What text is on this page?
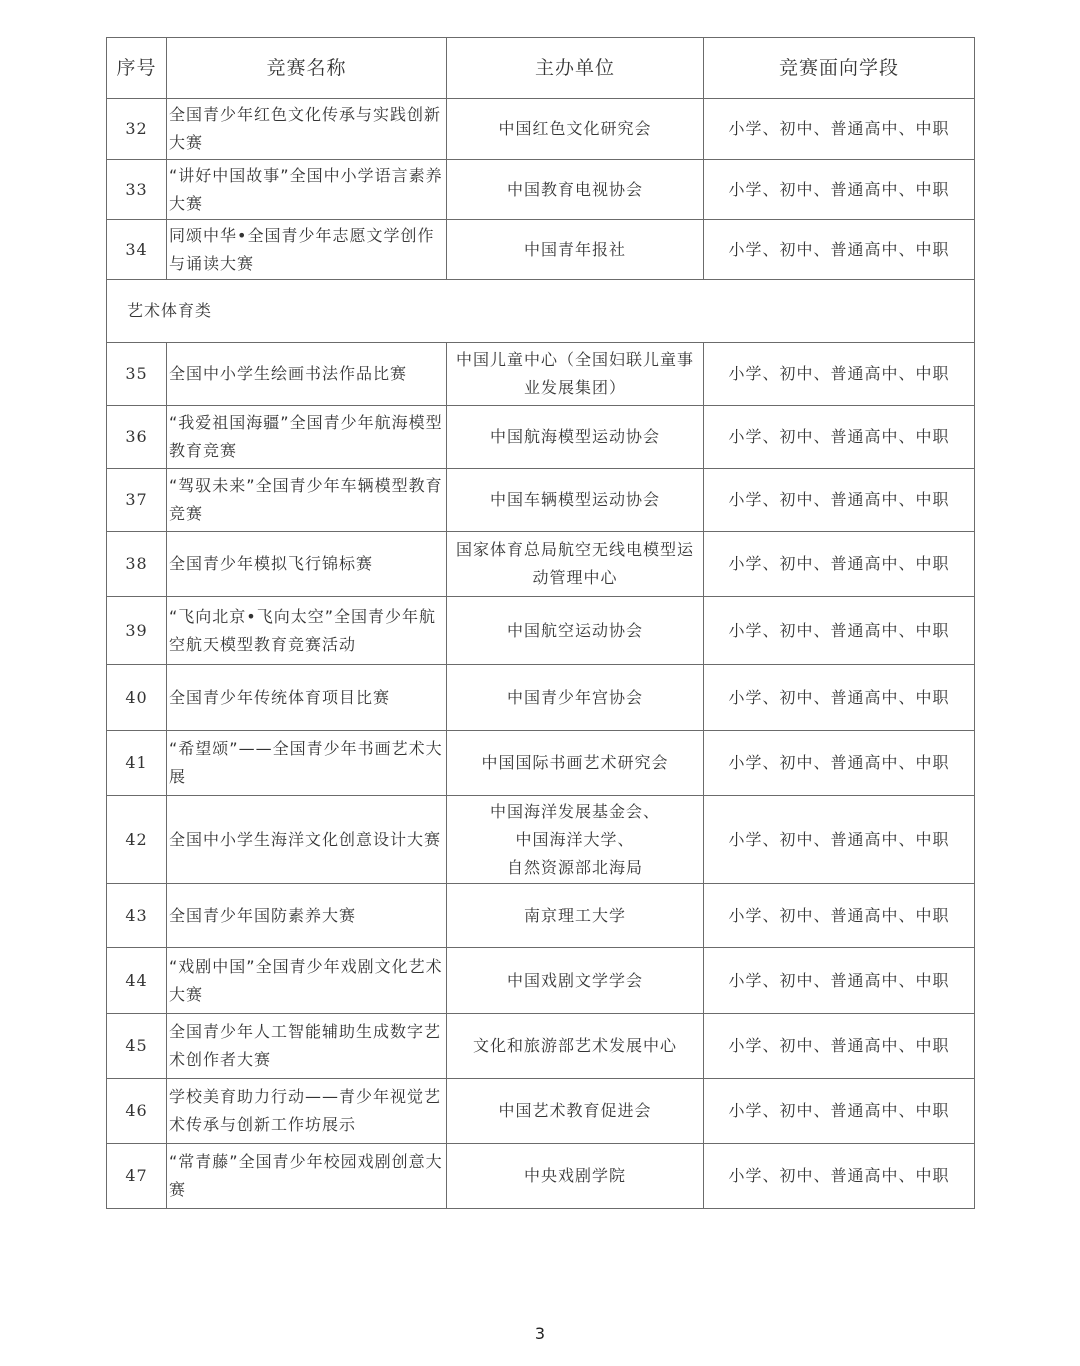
序号	竞赛名称	主办单位	竞赛面向学段
32	全国青少年红色文化传承与实践创新大赛	中国红色文化研究会	小学、初中、普通高中、中职
33	“讲好中国故事”全国中小学语言素养大赛	中国教育电视协会	小学、初中、普通高中、中职
34	同颂中华•全国青少年志愿文学创作与诵读大赛	中国青年报社	小学、初中、普通高中、中职
艺术体育类			
35	全国中小学生绘画书法作品比赛	中国儿童中心（全国妇联儿童事业发展集团）	小学、初中、普通高中、中职
36	“我爱祖国海疆”全国青少年航海模型教育竞赛	中国航海模型运动协会	小学、初中、普通高中、中职
37	“驾驭未来”全国青少年车辆模型教育竞赛	中国车辆模型运动协会	小学、初中、普通高中、中职
38	全国青少年模拟飞行锦标赛	国家体育总局航空无线电模型运动管理中心	小学、初中、普通高中、中职
39	“飞向北京•飞向太空”全国青少年航空航天模型教育竞赛活动	中国航空运动协会	小学、初中、普通高中、中职
40	全国青少年传统体育项目比赛	中国青少年宫协会	小学、初中、普通高中、中职
41	“希望颂”——全国青少年书画艺术大展	中国国际书画艺术研究会	小学、初中、普通高中、中职
42	全国中小学生海洋文化创意设计大赛	中国海洋发展基金会、
中国海洋大学、
自然资源部北海局	小学、初中、普通高中、中职
43	全国青少年国防素养大赛	南京理工大学	小学、初中、普通高中、中职
44	“戏剧中国”全国青少年戏剧文化艺术大赛	中国戏剧文学学会	小学、初中、普通高中、中职
45	全国青少年人工智能辅助生成数字艺术创作者大赛	文化和旅游部艺术发展中心	小学、初中、普通高中、中职
46	学校美育助力行动——青少年视觉艺术传承与创新工作坊展示	中国艺术教育促进会	小学、初中、普通高中、中职
47	“常青藤”全国青少年校园戏剧创意大赛	中央戏剧学院	小学、初中、普通高中、中职
3
